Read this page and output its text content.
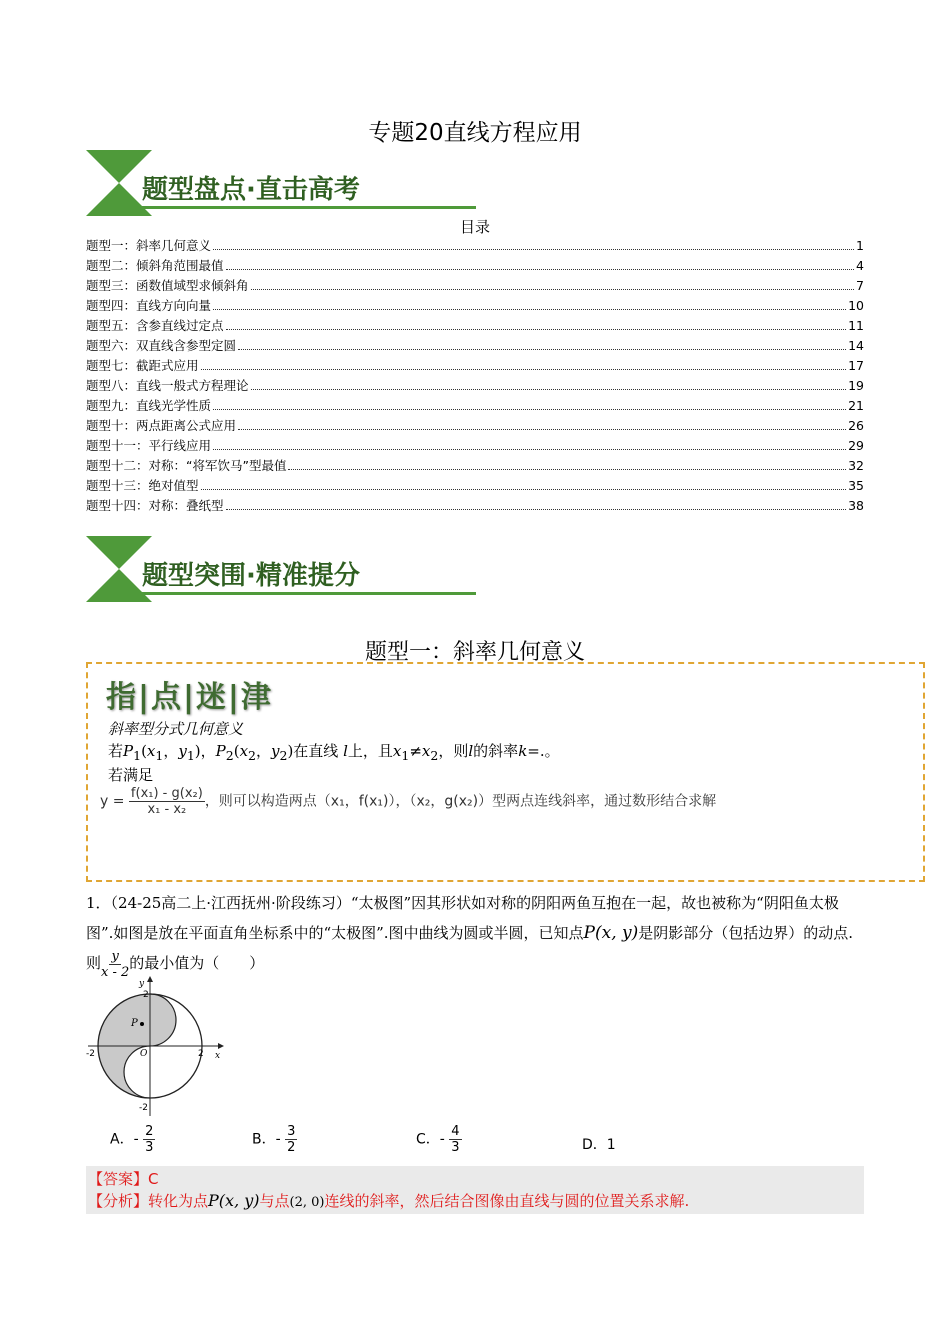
专题20直线方程应用
题型盘点·直击高考
目录
题型一：斜率几何意义	1
题型二：倾斜角范围最值	4
题型三：函数值域型求倾斜角	7
题型四：直线方向向量	10
题型五：含参直线过定点	11
题型六：双直线含参型定圆	14
题型七：截距式应用	17
题型八：直线一般式方程理论	19
题型九：直线光学性质	21
题型十：两点距离公式应用	26
题型十一：平行线应用	29
题型十二：对称：“将军饮马”型最值	32
题型十三：绝对值型	35
题型十四：对称：叠纸型	38
题型突围·精准提分
题型一：斜率几何意义
指|点|迷|津
斜率型分式几何意义
若$P_1(x_1$，$y_1$)，$P_2(x_2$，$y_2$)在直线 l上，且$x_1\ne x_2$，则l的斜率k=.。
若满足
$y = \frac{\text{f(x₁) - g(x₂)}}{\text{x₁ - x₂}}$ ，则可以构造两点（x₁，f(x₁)），（x₂，g(x₂)）型两点连线斜率，通过数形结合求解
1．（24-25高二上·江西抚州·阶段练习）“太极图”因其形状如对称的阴阳两鱼互抱在一起，故也被称为“阴阳鱼太极图”.如图是放在平面直角坐标系中的“太极图”.图中曲线为圆或半圆，已知点P(x, y)是阴影部分（包括边界）的动点.则 $\frac{y}{x - 2}$ 的最小值为（　　）
P
y
x
O
2
-2
-2	2
A．- $\frac{2}{3}$	B．- $\frac{3}{2}$	C．- $\frac{4}{3}$	D．1
【答案】C
【分析】转化为点P(x, y)与点(2, 0)连线的斜率，然后结合图像由直线与圆的位置关系求解.
